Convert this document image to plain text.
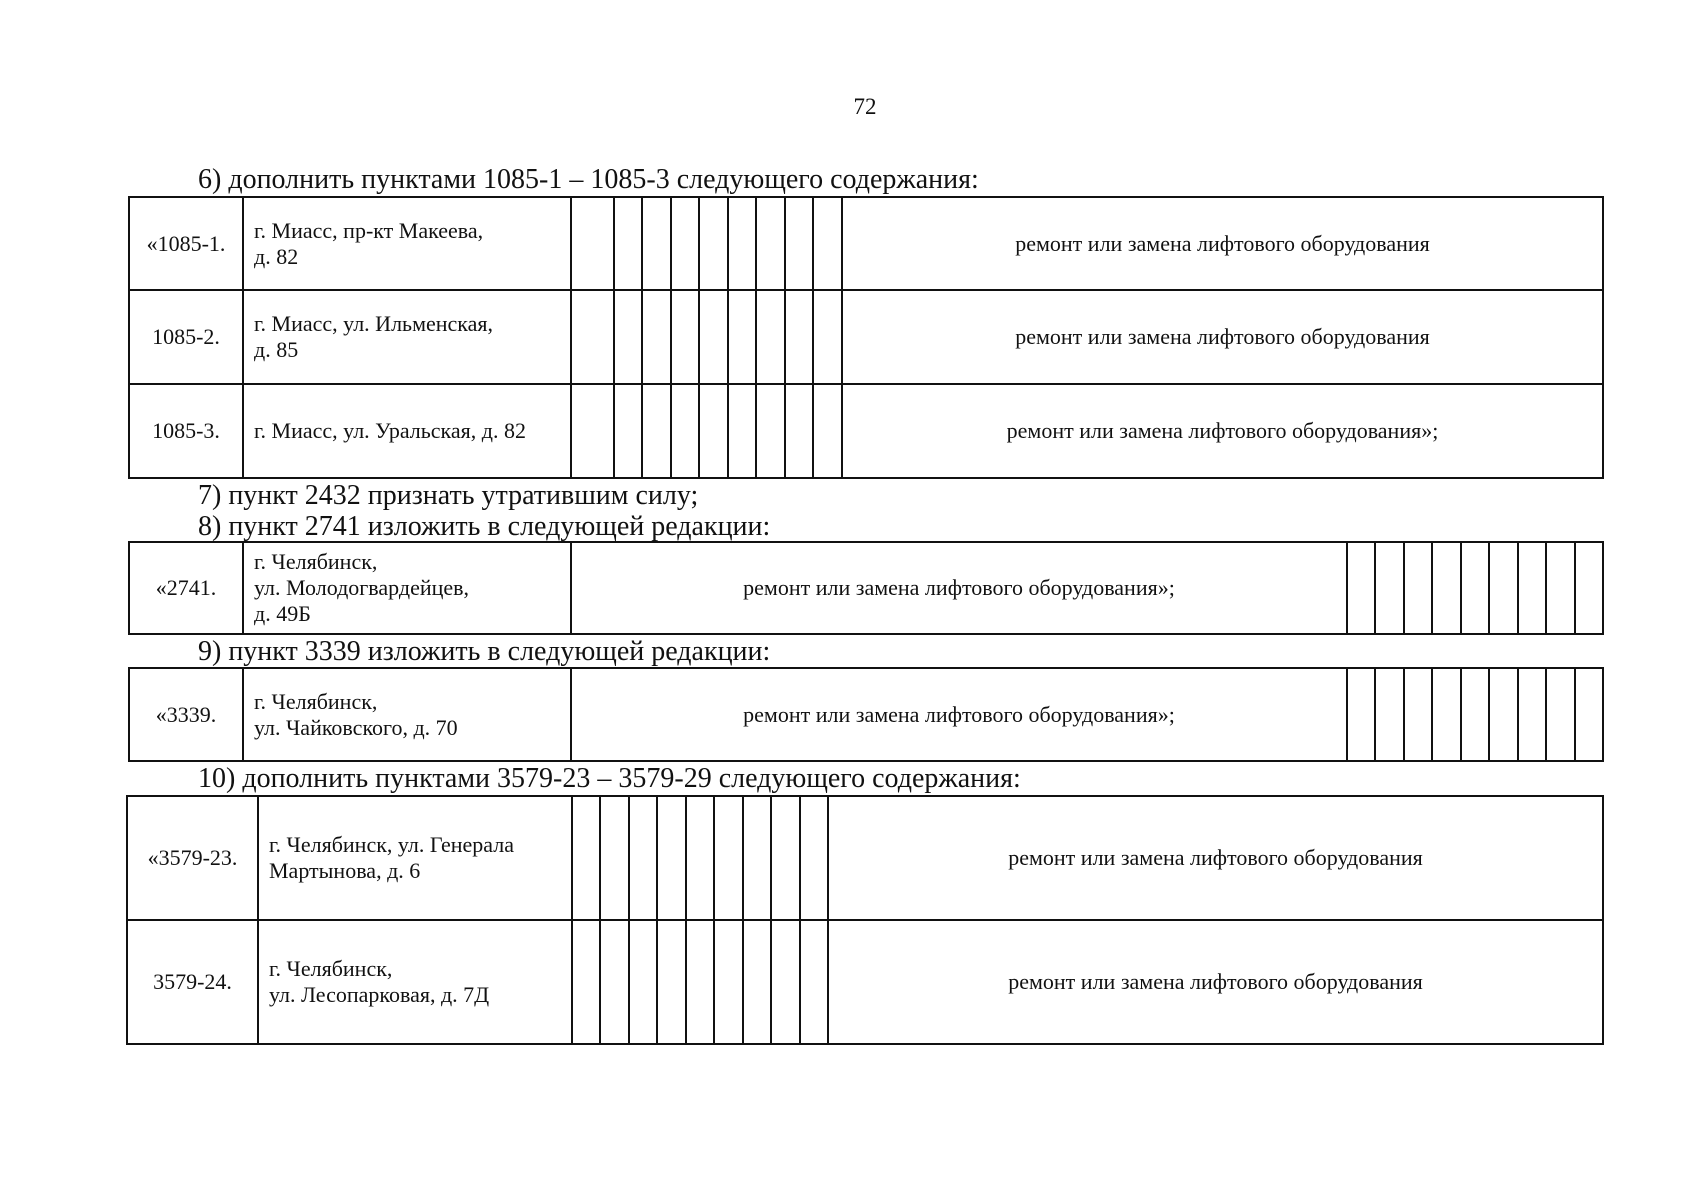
72
6) дополнить пунктами 1085-1 – 1085-3 следующего содержания:
«1085-1.	г. Миасс, пр-кт Макеева,
д. 82										ремонт или замена лифтового оборудования
1085-2.	г. Миасс, ул. Ильменская,
д. 85										ремонт или замена лифтового оборудования
1085-3.	г. Миасс, ул. Уральская, д. 82										ремонт или замена лифтового оборудования»;
7) пункт 2432 признать утратившим силу;
8) пункт 2741 изложить в следующей редакции:
«2741.	г. Челябинск,
ул. Молодогвардейцев,
д. 49Б	ремонт или замена лифтового оборудования»;									
9) пункт 3339 изложить в следующей редакции:
«3339.	г. Челябинск,
ул. Чайковского, д. 70	ремонт или замена лифтового оборудования»;									
10) дополнить пунктами 3579-23 – 3579-29 следующего содержания:
«3579-23.	г. Челябинск, ул. Генерала
Мартынова, д. 6										ремонт или замена лифтового оборудования
3579-24.	г. Челябинск,
ул. Лесопарковая, д. 7Д										ремонт или замена лифтового оборудования
